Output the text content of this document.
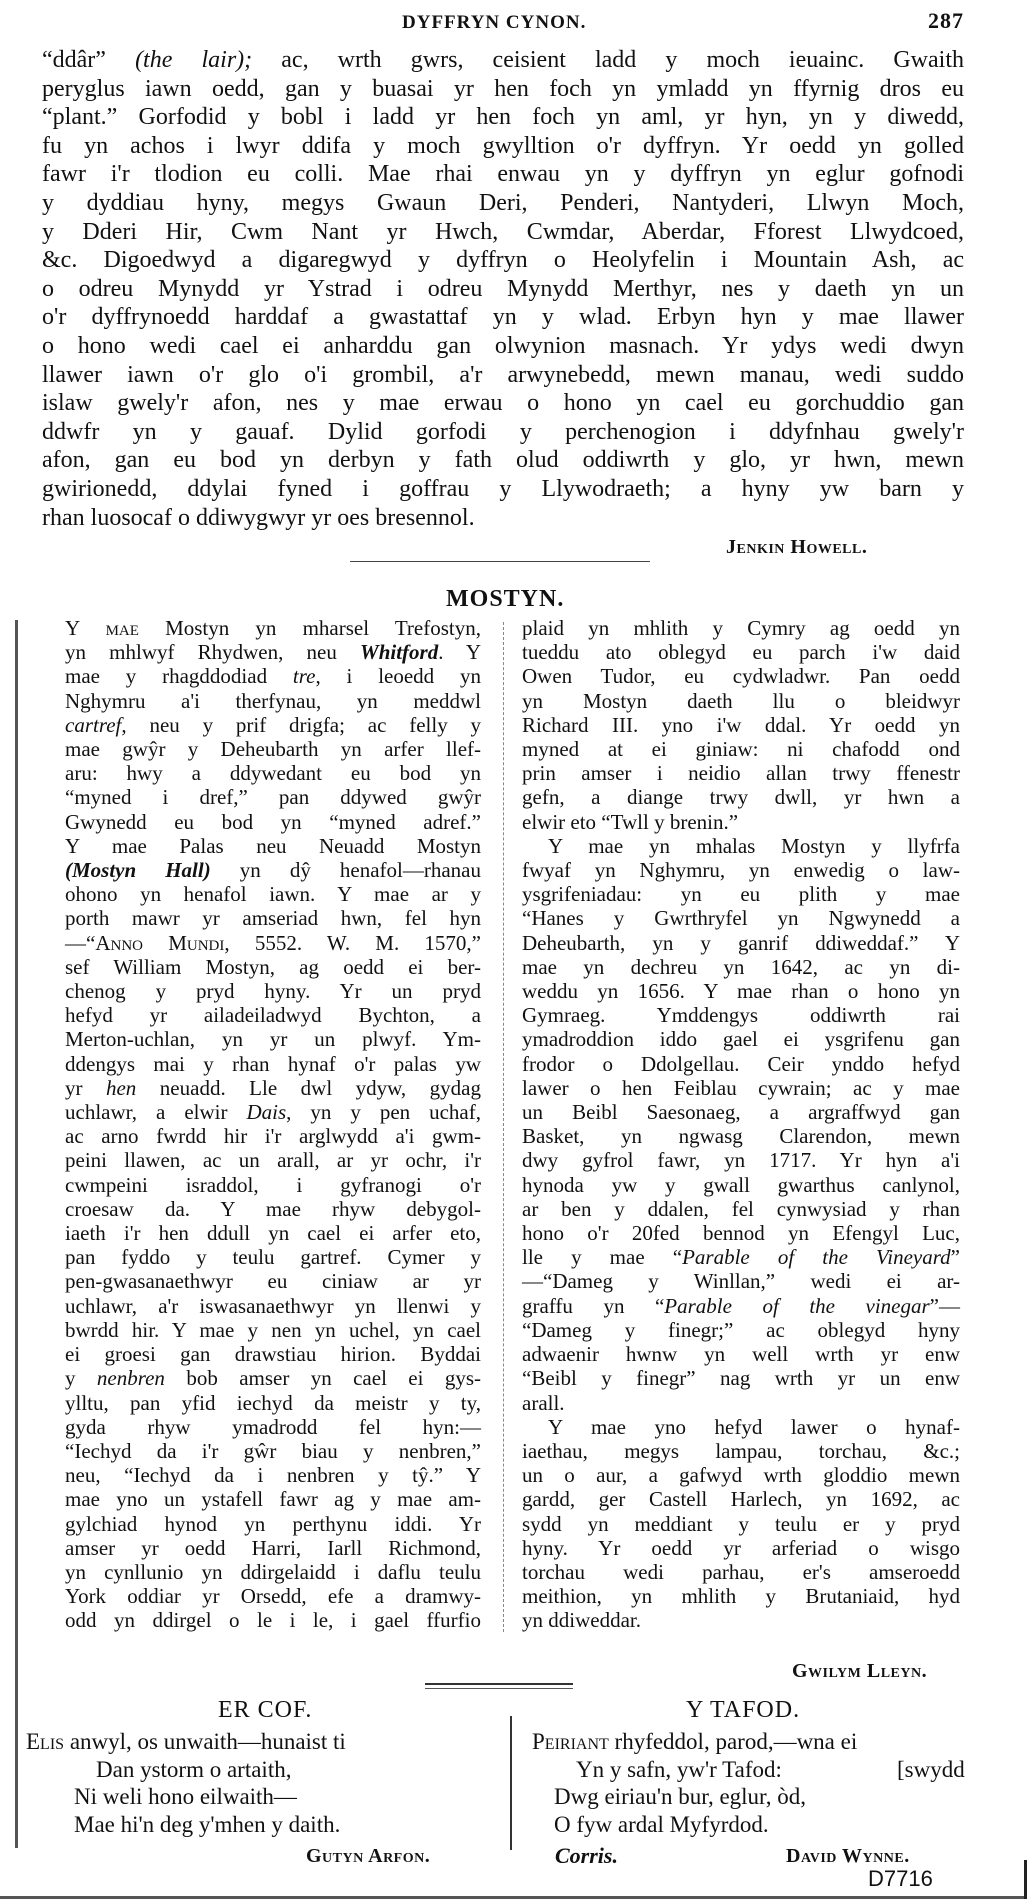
DYFFRYN CYNON.	287
“ddâr” (the lair); ac, wrth gwrs, ceisient ladd y moch ieuainc. Gwaith
peryglus iawn oedd, gan y buasai yr hen foch yn ymladd yn ffyrnig dros eu
“plant.” Gorfodid y bobl i ladd yr hen foch yn aml, yr hyn, yn y diwedd,
fu yn achos i lwyr ddifa y moch gwylltion o'r dyffryn. Yr oedd yn golled
fawr i'r tlodion eu colli. Mae rhai enwau yn y dyffryn yn eglur gofnodi
y dyddiau hyny, megys Gwaun Deri, Penderi, Nantyderi, Llwyn Moch,
y Dderi Hir, Cwm Nant yr Hwch, Cwmdar, Aberdar, Fforest Llwydcoed,
&c. Digoedwyd a digaregwyd y dyffryn o Heolyfelin i Mountain Ash, ac
o odreu Mynydd yr Ystrad i odreu Mynydd Merthyr, nes y daeth yn un
o'r dyffrynoedd harddaf a gwastattaf yn y wlad. Erbyn hyn y mae llawer
o hono wedi cael ei anharddu gan olwynion masnach. Yr ydys wedi dwyn
llawer iawn o'r glo o'i grombil, a'r arwynebedd, mewn manau, wedi suddo
islaw gwely'r afon, nes y mae erwau o hono yn cael eu gorchuddio gan
ddwfr yn y gauaf. Dylid gorfodi y perchenogion i ddyfnhau gwely'r
afon, gan eu bod yn derbyn y fath olud oddiwrth y glo, yr hwn, mewn
gwirionedd, ddylai fyned i goffrau y Llywodraeth; a hyny yw barn y
rhan luosocaf o ddiwygwyr yr oes bresennol.
Jenkin Howell.
MOSTYN.
Y mae Mostyn yn mharsel Trefostyn,
yn mhlwyf Rhydwen, neu Whitford. Y
mae y rhagddodiad tre, i leoedd yn
Nghymru a'i therfynau, yn meddwl
cartref, neu y prif drigfa; ac felly y
mae gwŷr y Deheubarth yn arfer llef-
aru: hwy a ddywedant eu bod yn
“myned i dref,” pan ddywed gwŷr
Gwynedd eu bod yn “myned adref.”
Y mae Palas neu Neuadd Mostyn
(Mostyn Hall) yn dŷ henafol—rhanau
ohono yn henafol iawn. Y mae ar y
porth mawr yr amseriad hwn, fel hyn
—“Anno Mundi, 5552. W. M. 1570,”
sef William Mostyn, ag oedd ei ber-
chenog y pryd hyny. Yr un pryd
hefyd yr ailadeiladwyd Bychton, a
Merton-uchlan, yn yr un plwyf. Ym-
ddengys mai y rhan hynaf o'r palas yw
yr hen neuadd. Lle dwl ydyw, gydag
uchlawr, a elwir Dais, yn y pen uchaf,
ac arno fwrdd hir i'r arglwydd a'i gwm-
peini llawen, ac un arall, ar yr ochr, i'r
cwmpeini israddol, i gyfranogi o'r
croesaw da. Y mae rhyw debygol-
iaeth i'r hen ddull yn cael ei arfer eto,
pan fyddo y teulu gartref. Cymer y
pen-gwasanaethwyr eu ciniaw ar yr
uchlawr, a'r iswasanaethwyr yn llenwi y
bwrdd hir. Y mae y nen yn uchel, yn cael
ei groesi gan drawstiau hirion. Byddai
y nenbren bob amser yn cael ei gys-
ylltu, pan yfid iechyd da meistr y ty,
gyda rhyw ymadrodd fel hyn:—
“Iechyd da i'r gŵr biau y nenbren,”
neu, “Iechyd da i nenbren y tŷ.” Y
mae yno un ystafell fawr ag y mae am-
gylchiad hynod yn perthynu iddi. Yr
amser yr oedd Harri, Iarll Richmond,
yn cynllunio yn ddirgelaidd i daflu teulu
York oddiar yr Orsedd, efe a dramwy-
odd yn ddirgel o le i le, i gael ffurfio
plaid yn mhlith y Cymry ag oedd yn
tueddu ato oblegyd eu parch i'w daid
Owen Tudor, eu cydwladwr. Pan oedd
yn Mostyn daeth llu o bleidwyr
Richard III. yno i'w ddal. Yr oedd yn
myned at ei giniaw: ni chafodd ond
prin amser i neidio allan trwy ffenestr
gefn, a diange trwy dwll, yr hwn a
elwir eto “Twll y brenin.”
Y mae yn mhalas Mostyn y llyfrfa
fwyaf yn Nghymru, yn enwedig o law-
ysgrifeniadau: yn eu plith y mae
“Hanes y Gwrthryfel yn Ngwynedd a
Deheubarth, yn y ganrif ddiweddaf.” Y
mae yn dechreu yn 1642, ac yn di-
weddu yn 1656. Y mae rhan o hono yn
Gymraeg. Ymddengys oddiwrth rai
ymadroddion iddo gael ei ysgrifenu gan
frodor o Ddolgellau. Ceir ynddo hefyd
lawer o hen Feiblau cywrain; ac y mae
un Beibl Saesonaeg, a argraffwyd gan
Basket, yn ngwasg Clarendon, mewn
dwy gyfrol fawr, yn 1717. Yr hyn a'i
hynoda yw y gwall gwarthus canlynol,
ar ben y ddalen, fel cynwysiad y rhan
hono o'r 20fed bennod yn Efengyl Luc,
lle y mae “Parable of the Vineyard”
—“Dameg y Winllan,” wedi ei ar-
graffu yn “Parable of the vinegar”—
“Dameg y finegr;” ac oblegyd hyny
adwaenir hwnw yn well wrth yr enw
“Beibl y finegr” nag wrth yr un enw
arall.
Y mae yno hefyd lawer o hynaf-
iaethau, megys lampau, torchau, &c.;
un o aur, a gafwyd wrth gloddio mewn
gardd, ger Castell Harlech, yn 1692, ac
sydd yn meddiant y teulu er y pryd
hyny. Yr oedd yr arferiad o wisgo
torchau wedi parhau, er's amseroedd
meithion, yn mhlith y Brutaniaid, hyd
yn ddiweddar.
Gwilym Lleyn.
ER COF.
Elis anwyl, os unwaith—hunaist ti
Dan ystorm o artaith,
Ni weli hono eilwaith—
Mae hi'n deg y'mhen y daith.
Gutyn Arfon.
Y TAFOD.
Peiriant rhyfeddol, parod,—wna ei
Yn y safn, yw'r Tafod:	[swydd
Dwg eiriau'n bur, eglur, òd,
O fyw ardal Myfyrdod.
Corris.	David Wynne.
D7716
